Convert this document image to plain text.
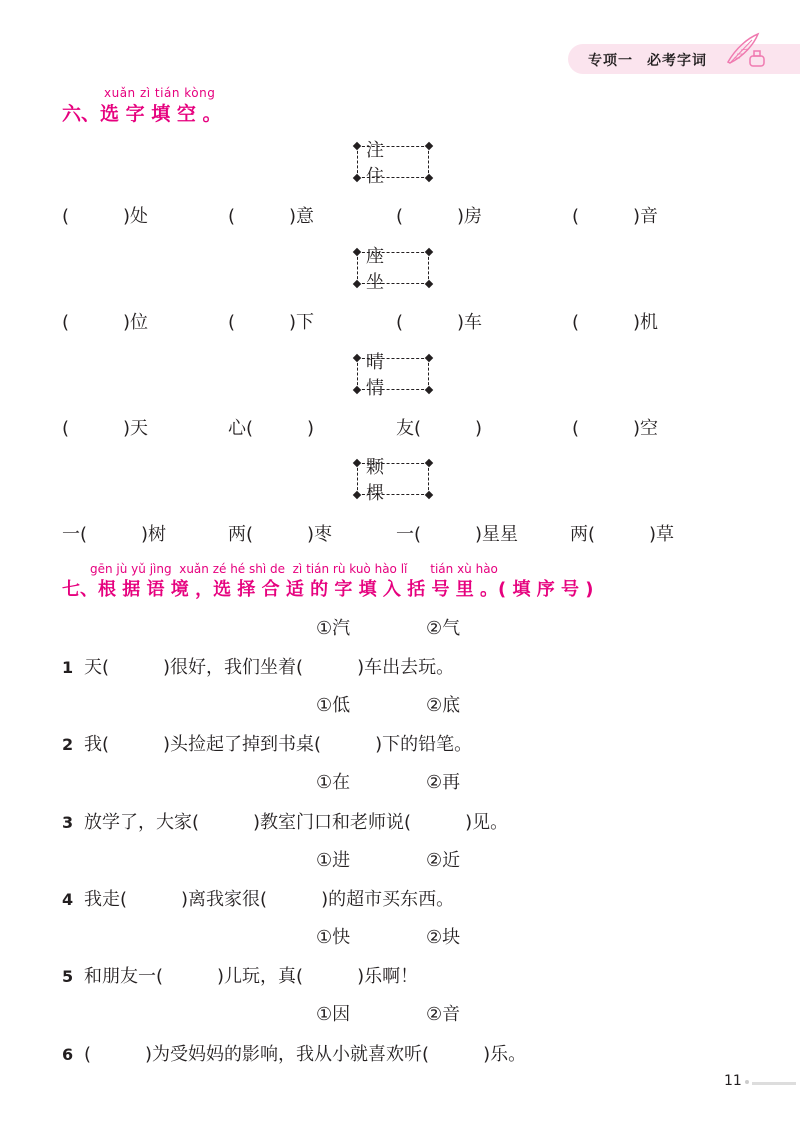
专项一 必考字词
xuǎn zì tián kòng
六、选 字 填 空 。
注 住
(　　　)处	(　　　)意	(　　　)房	(　　　)音
座 坐
(　　　)位	(　　　)下	(　　　)车	(　　　)机
晴 情
(　　　)天	心(　　　)	友(　　　)	(　　　)空
颗 棵
一(　　　)树	两(　　　)枣	一(　　　)星星	两(　　　)草
gēn jù yǔ jìng  xuǎn zé hé shì de  zì tián rù kuò hào lǐ      tián xù hào
七、根 据 语 境 ，选 择 合 适 的 字 填 入 括 号 里 。( 填 序 号 )
①汽	②气
1 天(　　　)很好，我们坐着(　　　)车出去玩。
①低	②底
2 我(　　　)头捡起了掉到书桌(　　　)下的铅笔。
①在	②再
3 放学了，大家(　　　)教室门口和老师说(　　　)见。
①进	②近
4 我走(　　　)离我家很(　　　)的超市买东西。
①快	②块
5 和朋友一(　　　)儿玩，真(　　　)乐啊！
①因	②音
6 (　　　)为受妈妈的影响，我从小就喜欢听(　　　)乐。
11
